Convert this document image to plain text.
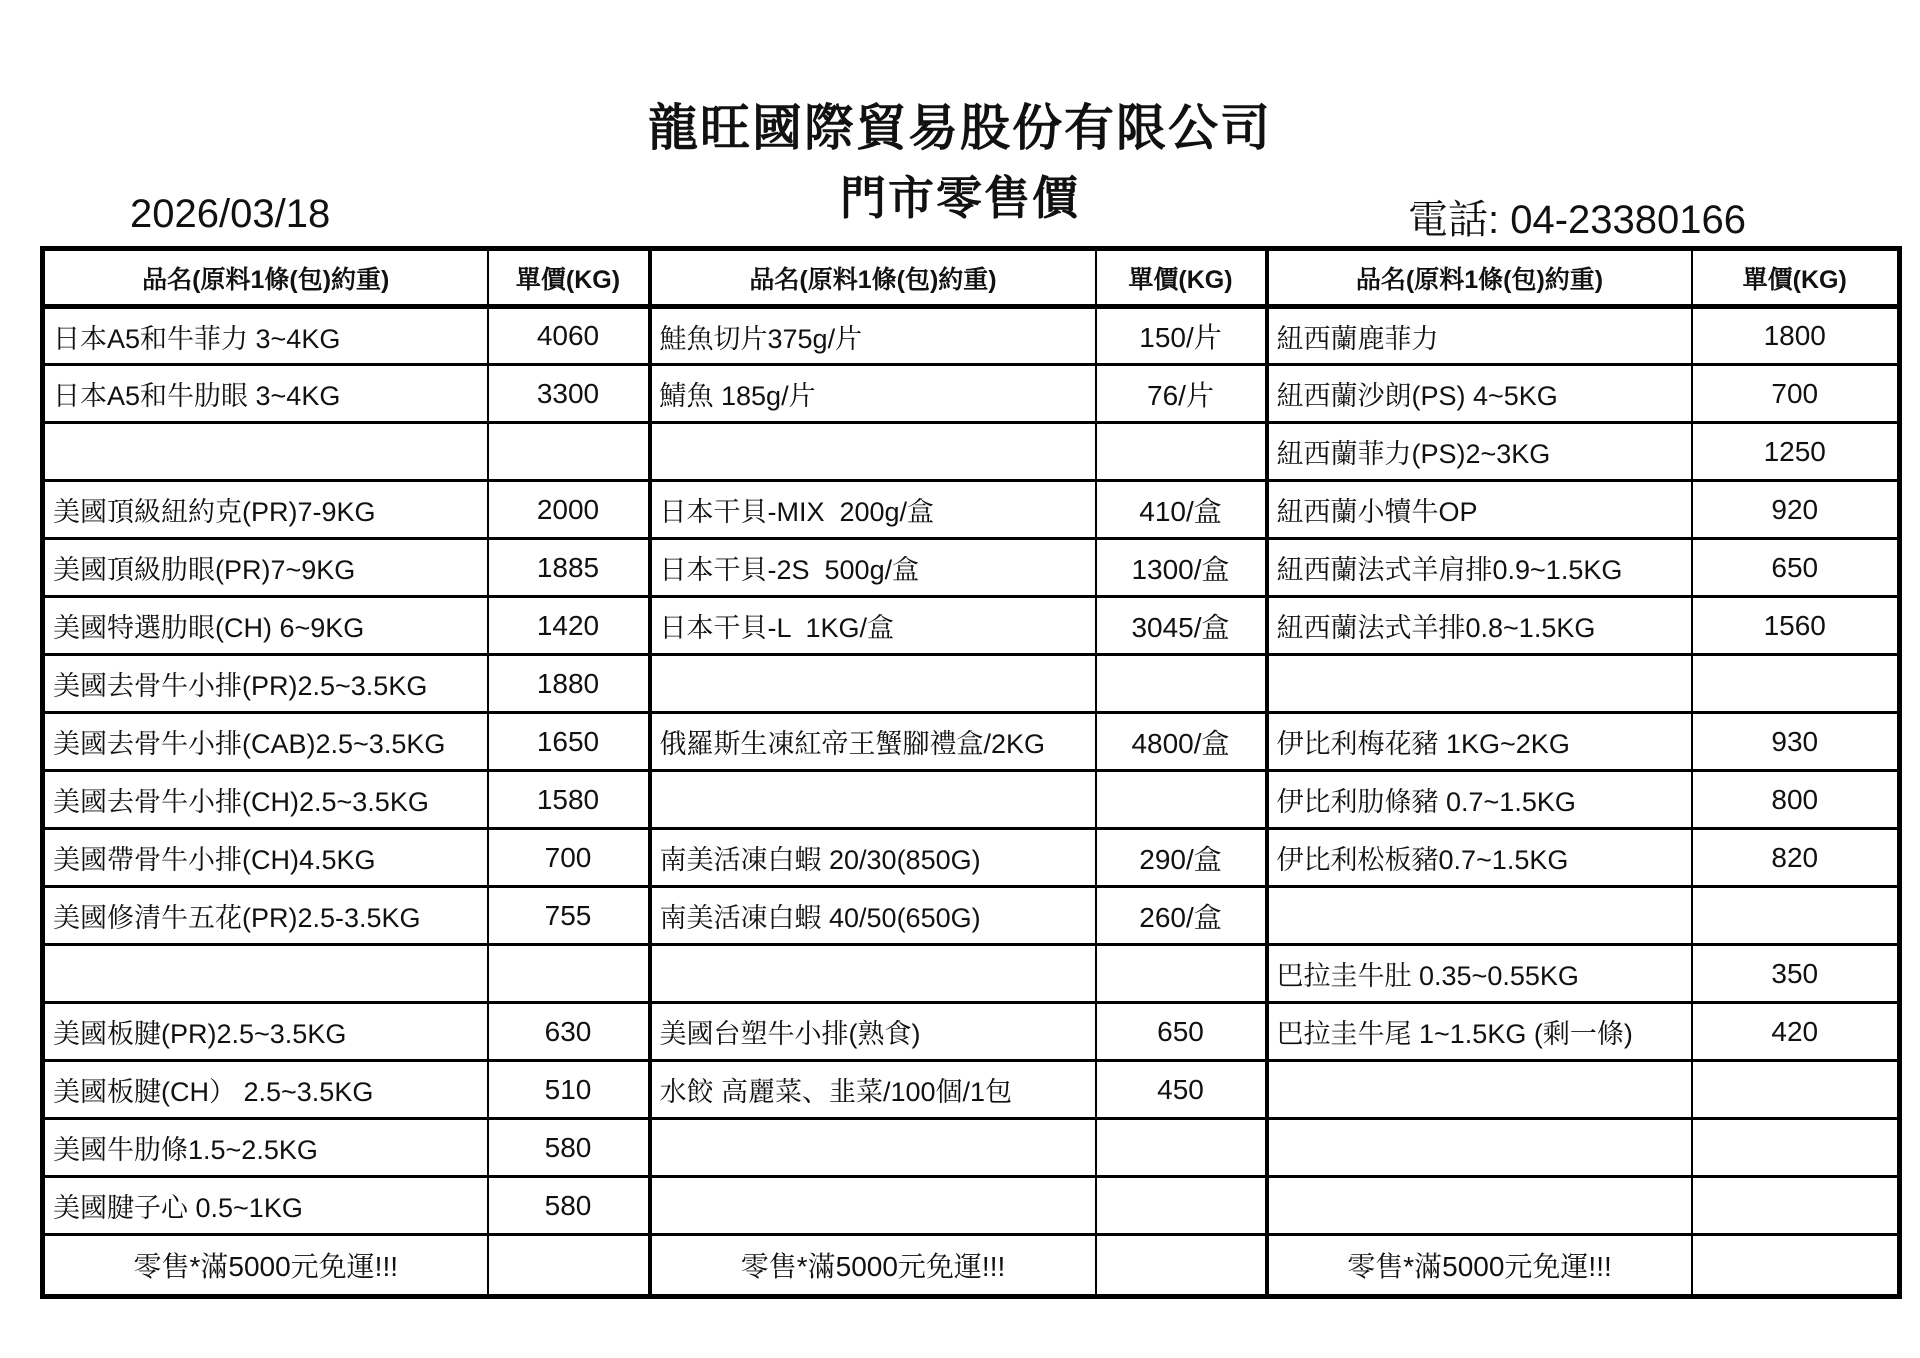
龍旺國際貿易股份有限公司
門市零售價
2026/03/18	電話: 04-23380166
品名(原料1條(包)約重)	單價(KG)	品名(原料1條(包)約重)	單價(KG)	品名(原料1條(包)約重)	單價(KG)
日本A5和牛菲力 3~4KG	4060	鮭魚切片375g/片	150/片	紐西蘭鹿菲力	1800
日本A5和牛肋眼 3~4KG	3300	鯖魚 185g/片	76/片	紐西蘭沙朗(PS) 4~5KG	700
				紐西蘭菲力(PS)2~3KG	1250
美國頂級紐約克(PR)7-9KG	2000	日本干貝-MIX  200g/盒	410/盒	紐西蘭小犢牛OP	920
美國頂級肋眼(PR)7~9KG	1885	日本干貝-2S  500g/盒	1300/盒	紐西蘭法式羊肩排0.9~1.5KG	650
美國特選肋眼(CH) 6~9KG	1420	日本干貝-L  1KG/盒	3045/盒	紐西蘭法式羊排0.8~1.5KG	1560
美國去骨牛小排(PR)2.5~3.5KG	1880				
美國去骨牛小排(CAB)2.5~3.5KG	1650	俄羅斯生凍紅帝王蟹腳禮盒/2KG	4800/盒	伊比利梅花豬 1KG~2KG	930
美國去骨牛小排(CH)2.5~3.5KG	1580			伊比利肋條豬 0.7~1.5KG	800
美國帶骨牛小排(CH)4.5KG	700	南美活凍白蝦 20/30(850G)	290/盒	伊比利松板豬0.7~1.5KG	820
美國修清牛五花(PR)2.5-3.5KG	755	南美活凍白蝦 40/50(650G)	260/盒		
				巴拉圭牛肚 0.35~0.55KG	350
美國板腱(PR)2.5~3.5KG	630	美國台塑牛小排(熟食)	650	巴拉圭牛尾 1~1.5KG (剩一條)	420
美國板腱(CH） 2.5~3.5KG	510	水餃 高麗菜、韭菜/100個/1包	450		
美國牛肋條1.5~2.5KG	580				
美國腱子心 0.5~1KG	580				
零售*滿5000元免運!!!		零售*滿5000元免運!!!		零售*滿5000元免運!!!	
